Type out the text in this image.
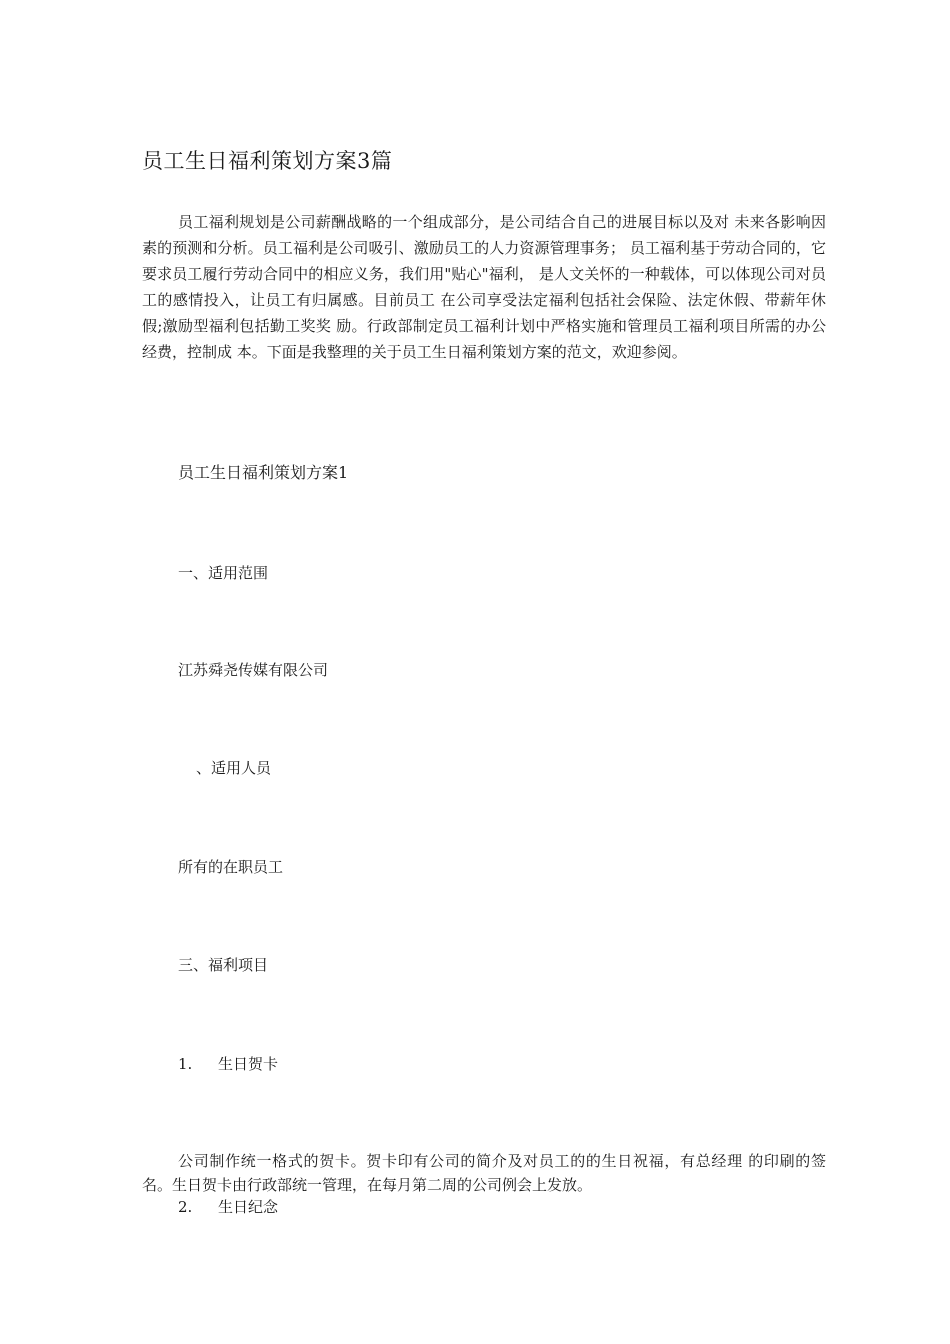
员工生日福利策划方案3篇
员工福利规划是公司薪酬战略的一个组成部分，是公司结合自己的进展目标以及对 未来各影响因素的预测和分析。员工福利是公司吸引、激励员工的人力资源管理事务； 员工福利基于劳动合同的，它要求员工履行劳动合同中的相应义务，我们用"贴心"福利， 是人文关怀的一种载体，可以体现公司对员工的感情投入，让员工有归属感。目前员工 在公司享受法定福利包括社会保险、法定休假、带薪年休假;激励型福利包括勤工奖奖 励。行政部制定员工福利计划中严格实施和管理员工福利项目所需的办公经费，控制成 本。下面是我整理的关于员工生日福利策划方案的范文，欢迎参阅。
员工生日福利策划方案1
一、适用范围
江苏舜尧传媒有限公司
、适用人员
所有的在职员工
三、福利项目
1. 生日贺卡
公司制作统一格式的贺卡。贺卡印有公司的简介及对员工的的生日祝福，有总经理 的印刷的签名。生日贺卡由行政部统一管理，在每月第二周的公司例会上发放。
2. 生日纪念
